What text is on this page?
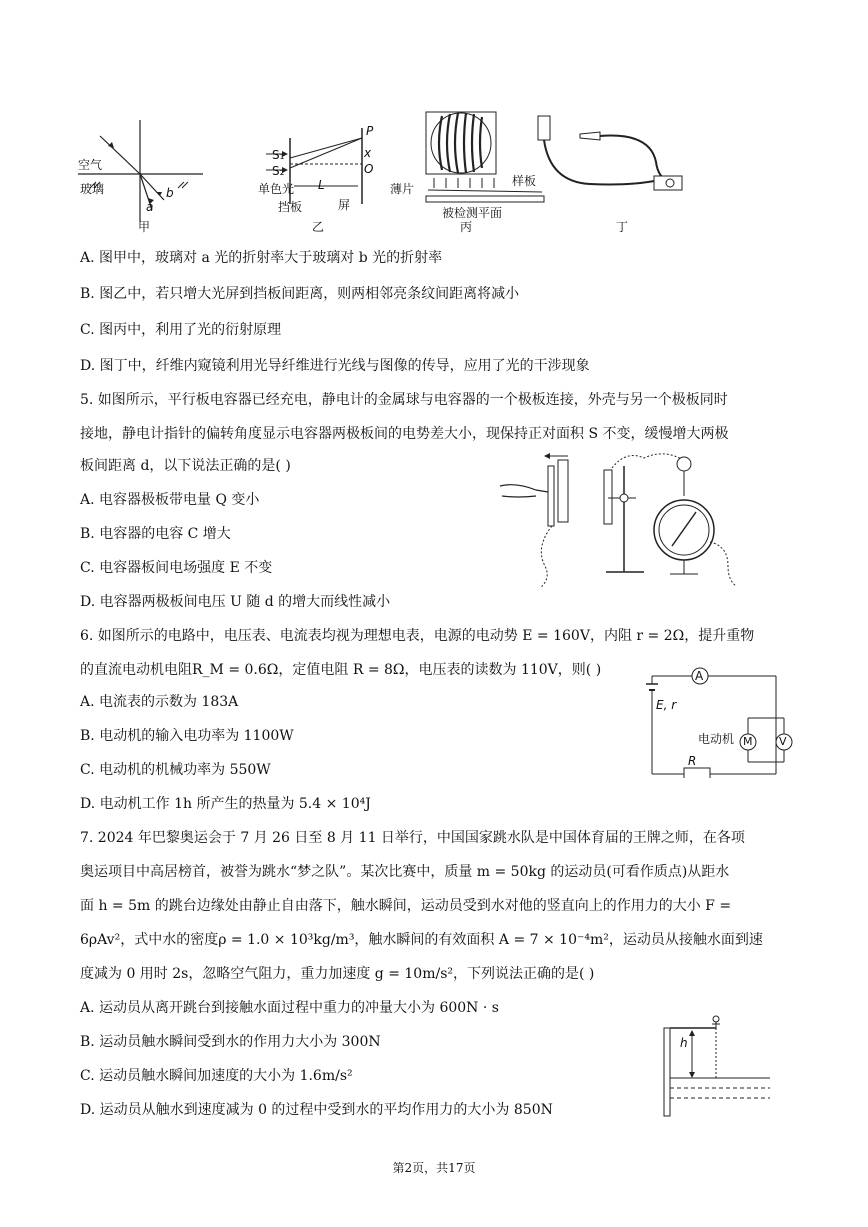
空气
玻璃
a
b
甲
S₁
S₂
P
x
O
单色光 L
挡板	屏
乙
薄片
样板
被检测平面
丙	丁
A. 图甲中，玻璃对 a 光的折射率大于玻璃对 b 光的折射率
B. 图乙中，若只增大光屏到挡板间距离，则两相邻亮条纹间距离将减小
C. 图丙中，利用了光的衍射原理
D. 图丁中，纤维内窥镜利用光导纤维进行光线与图像的传导，应用了光的干涉现象
5. 如图所示，平行板电容器已经充电，静电计的金属球与电容器的一个极板连接，外壳与另一个极板同时
接地，静电计指针的偏转角度显示电容器两极板间的电势差大小，现保持正对面积 S 不变，缓慢增大两极
板间距离 d，以下说法正确的是( )
A. 电容器极板带电量 Q 变小
B. 电容器的电容 C 增大
C. 电容器板间电场强度 E 不变
D. 电容器两极板间电压 U 随 d 的增大而线性减小
6. 如图所示的电路中，电压表、电流表均视为理想电表，电源的电动势 E = 160V，内阻 r = 2Ω，提升重物
的直流电动机电阻R_M = 0.6Ω，定值电阻 R = 8Ω，电压表的读数为 110V，则( )
A. 电流表的示数为 183A
B. 电动机的输入电功率为 1100W
C. 电动机的机械功率为 550W
D. 电动机工作 1h 所产生的热量为 5.4 × 10⁴J
A
E, r
电动机 M V
R
7. 2024 年巴黎奥运会于 7 月 26 日至 8 月 11 日举行，中国国家跳水队是中国体育届的王牌之师，在各项
奥运项目中高居榜首，被誉为跳水“梦之队”。某次比赛中，质量 m = 50kg 的运动员(可看作质点)从距水
面 h = 5m 的跳台边缘处由静止自由落下，触水瞬间，运动员受到水对他的竖直向上的作用力的大小 F =
6ρAv²，式中水的密度ρ = 1.0 × 10³kg/m³，触水瞬间的有效面积 A = 7 × 10⁻⁴m²，运动员从接触水面到速
度减为 0 用时 2s，忽略空气阻力，重力加速度 g = 10m/s²，下列说法正确的是( )
A. 运动员从离开跳台到接触水面过程中重力的冲量大小为 600N · s
B. 运动员触水瞬间受到水的作用力大小为 300N
C. 运动员触水瞬间加速度的大小为 1.6m/s²
D. 运动员从触水到速度减为 0 的过程中受到水的平均作用力的大小为 850N
h
第2页，共17页
